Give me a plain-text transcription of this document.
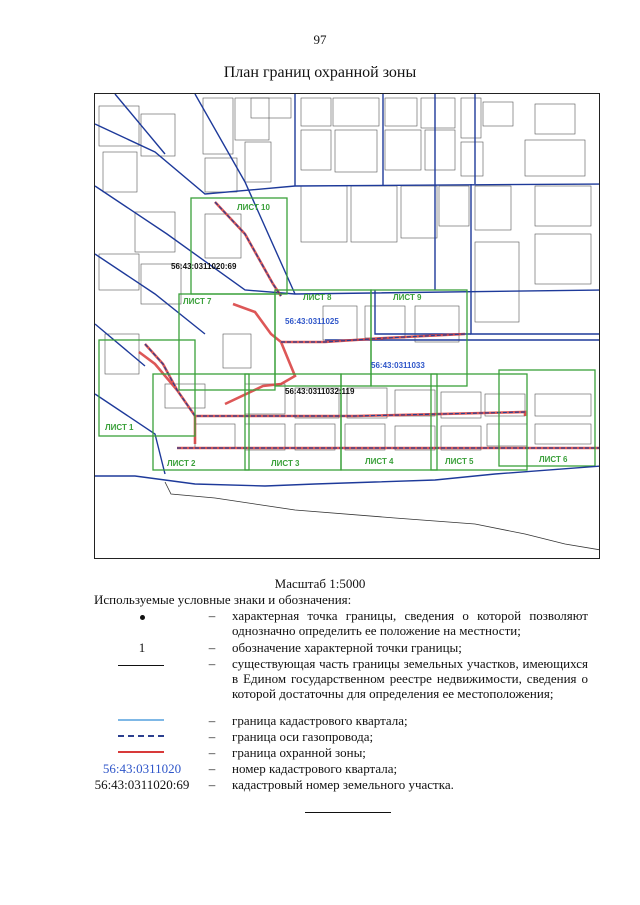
97
План границ охранной зоны
ЛИСТ 1
ЛИСТ 2	ЛИСТ 3	ЛИСТ 4	ЛИСТ 5	ЛИСТ 6
ЛИСТ 7	ЛИСТ 8	ЛИСТ 9
ЛИСТ 10
56:43:0311025
56:43:0311033
56:43:0311020:69
56:43:0311032:119
Масштаб 1:5000
Используемые условные знаки и обозначения:
– характерная точка границы, сведения о которой позволяют однозначно определить ее положение на местности;
1	– обозначение характерной точки границы;
– существующая часть границы земельных участков, имеющихся в Едином государственном реестре недвижимости, сведения о которой достаточны для определения ее местоположения;
– граница кадастрового квартала;
– граница оси газопровода;
– граница охранной зоны;
56:43:0311020	– номер кадастрового квартала;
56:43:0311020:69 – кадастровый номер земельного участка.
